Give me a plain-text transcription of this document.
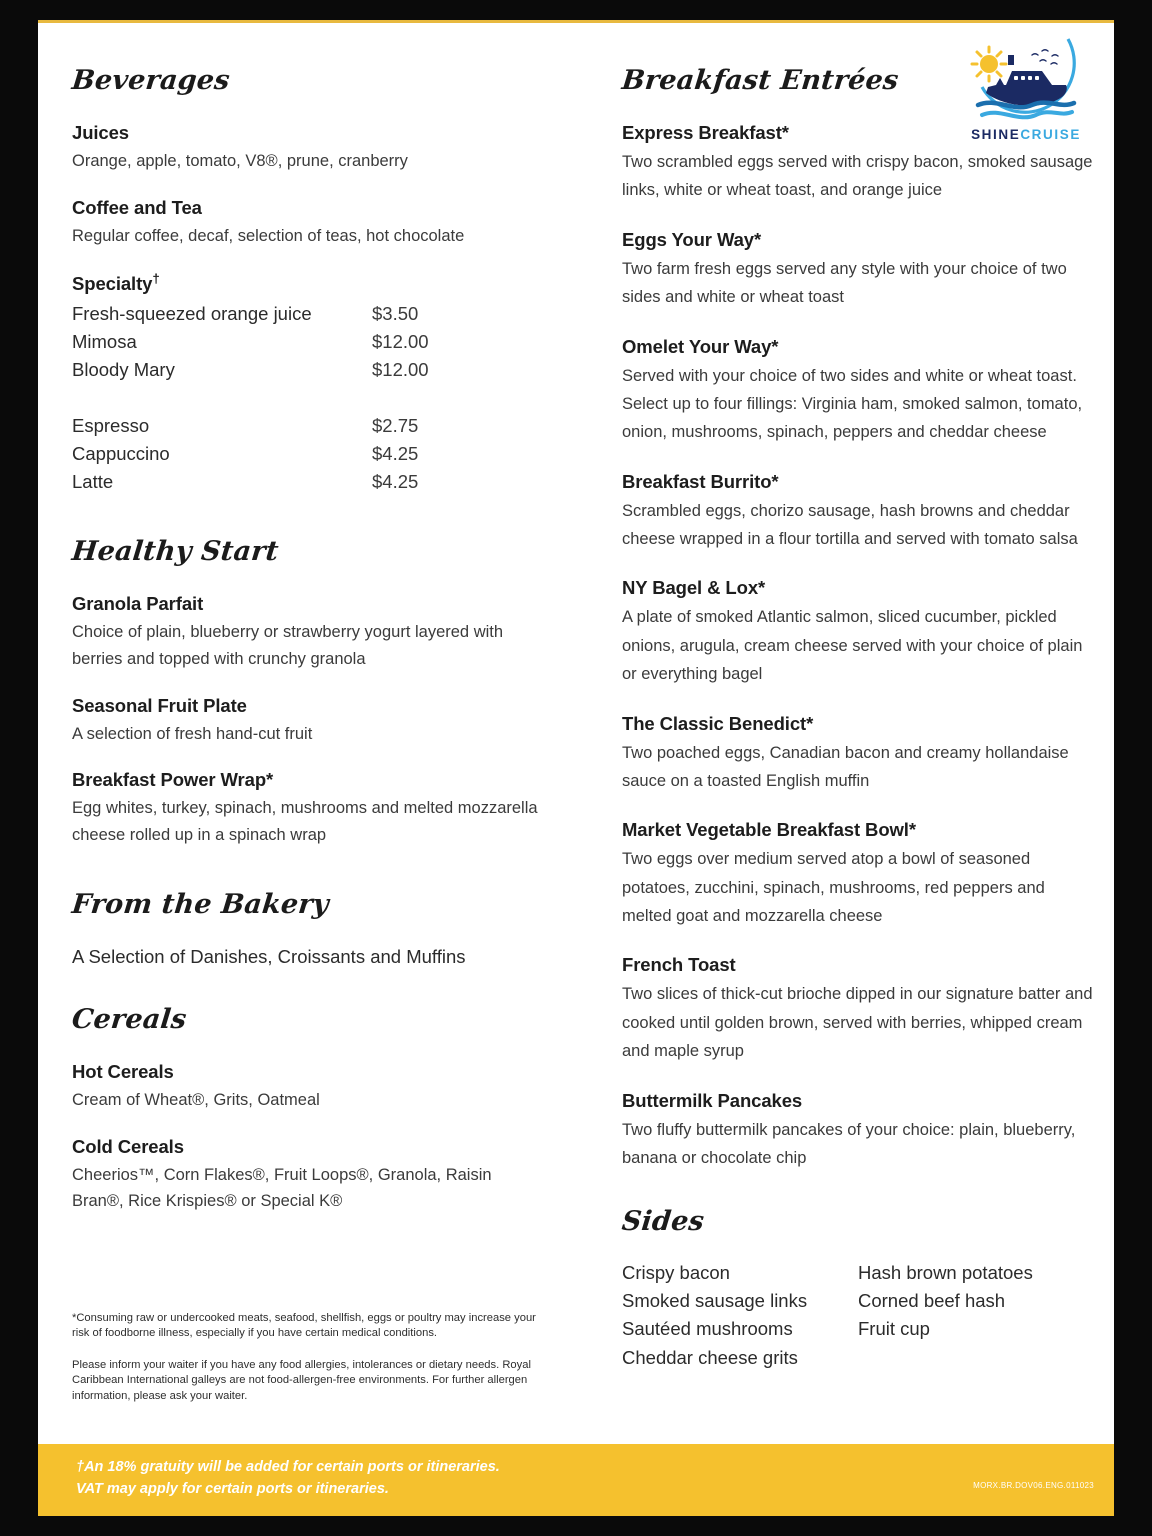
SHINECRUISE
Beverages
Juices
Orange, apple, tomato, V8®, prune, cranberry
Coffee and Tea
Regular coffee, decaf, selection of teas, hot chocolate
Specialty†
Fresh-squeezed orange juice	$3.50
Mimosa	$12.00
Bloody Mary	$12.00
Espresso	$2.75
Cappuccino	$4.25
Latte	$4.25
Healthy Start
Granola Parfait
Choice of plain, blueberry or strawberry yogurt layered with berries and topped with crunchy granola
Seasonal Fruit Plate
A selection of fresh hand-cut fruit
Breakfast Power Wrap*
Egg whites, turkey, spinach, mushrooms and melted mozzarella cheese rolled up in a spinach wrap
From the Bakery
A Selection of Danishes, Croissants and Muffins
Cereals
Hot Cereals
Cream of Wheat®, Grits, Oatmeal
Cold Cereals
Cheerios™, Corn Flakes®, Fruit Loops®, Granola, Raisin Bran®, Rice Krispies® or Special K®
Breakfast Entrées
Express Breakfast*
Two scrambled eggs served with crispy bacon, smoked sausage links, white or wheat toast, and orange juice
Eggs Your Way*
Two farm fresh eggs served any style with your choice of two sides and white or wheat toast
Omelet Your Way*
Served with your choice of two sides and white or wheat toast. Select up to four fillings: Virginia ham, smoked salmon, tomato, onion, mushrooms, spinach, peppers and cheddar cheese
Breakfast Burrito*
Scrambled eggs, chorizo sausage, hash browns and cheddar cheese wrapped in a flour tortilla and served with tomato salsa
NY Bagel & Lox*
A plate of smoked Atlantic salmon, sliced cucumber, pickled onions, arugula, cream cheese served with your choice of plain or everything bagel
The Classic Benedict*
Two poached eggs, Canadian bacon and creamy hollandaise sauce on a toasted English muffin
Market Vegetable Breakfast Bowl*
Two eggs over medium served atop a bowl of seasoned potatoes, zucchini, spinach, mushrooms, red peppers and melted goat and mozzarella cheese
French Toast
Two slices of thick-cut brioche dipped in our signature batter and cooked until golden brown, served with berries, whipped cream and maple syrup
Buttermilk Pancakes
Two fluffy buttermilk pancakes of your choice: plain, blueberry, banana or chocolate chip
Sides
Crispy bacon
Smoked sausage links
Sautéed mushrooms
Cheddar cheese grits
Hash brown potatoes
Corned beef hash
Fruit cup

*Consuming raw or undercooked meats, seafood, shellfish, eggs or poultry may increase your risk of foodborne illness, especially if you have certain medical conditions.

Please inform your waiter if you have any food allergies, intolerances or dietary needs. Royal Caribbean International galleys are not food-allergen-free environments. For further allergen information, please ask your waiter.

†An 18% gratuity will be added for certain ports or itineraries.
VAT may apply for certain ports or itineraries.	MORX.BR.DOV06.ENG.011023
